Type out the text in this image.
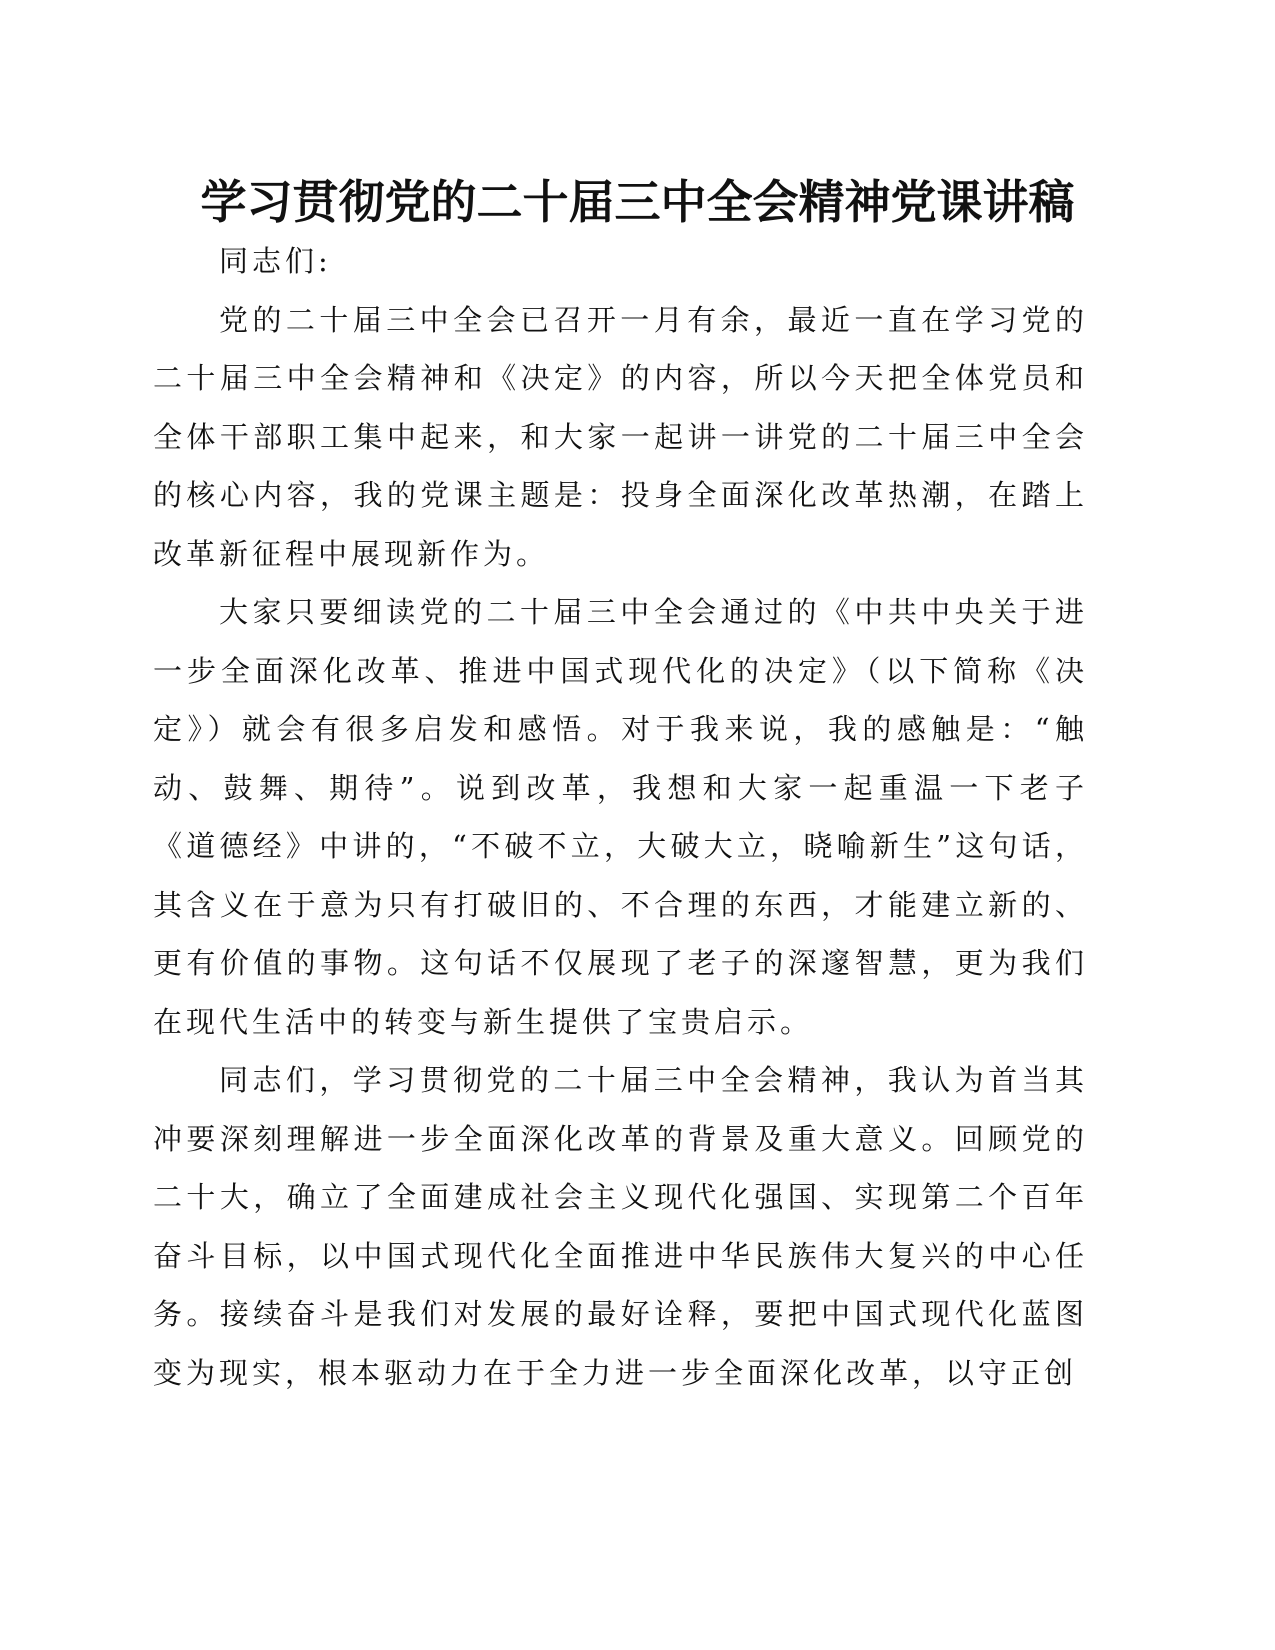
学习贯彻党的二十届三中全会精神党课讲稿

同志们:

党的二十届三中全会已召开一月有余，最近一直在学习党的二十届三中全会精神和《决定》的内容，所以今天把全体党员和全体干部职工集中起来，和大家一起讲一讲党的二十届三中全会的核心内容，我的党课主题是：投身全面深化改革热潮，在踏上改革新征程中展现新作为。

大家只要细读党的二十届三中全会通过的《中共中央关于进一步全面深化改革、推进中国式现代化的决定》（以下简称《决定》）就会有很多启发和感悟。对于我来说，我的感触是：“触动、鼓舞、期待”。说到改革，我想和大家一起重温一下老子《道德经》中讲的，“不破不立，大破大立，晓喻新生”这句话，其含义在于意为只有打破旧的、不合理的东西，才能建立新的、更有价值的事物。这句话不仅展现了老子的深邃智慧，更为我们在现代生活中的转变与新生提供了宝贵启示。

同志们，学习贯彻党的二十届三中全会精神，我认为首当其冲要深刻理解进一步全面深化改革的背景及重大意义。回顾党的二十大，确立了全面建成社会主义现代化强国、实现第二个百年奋斗目标，以中国式现代化全面推进中华民族伟大复兴的中心任务。接续奋斗是我们对发展的最好诠释，要把中国式现代化蓝图变为现实，根本驱动力在于全力进一步全面深化改革，以守正创
